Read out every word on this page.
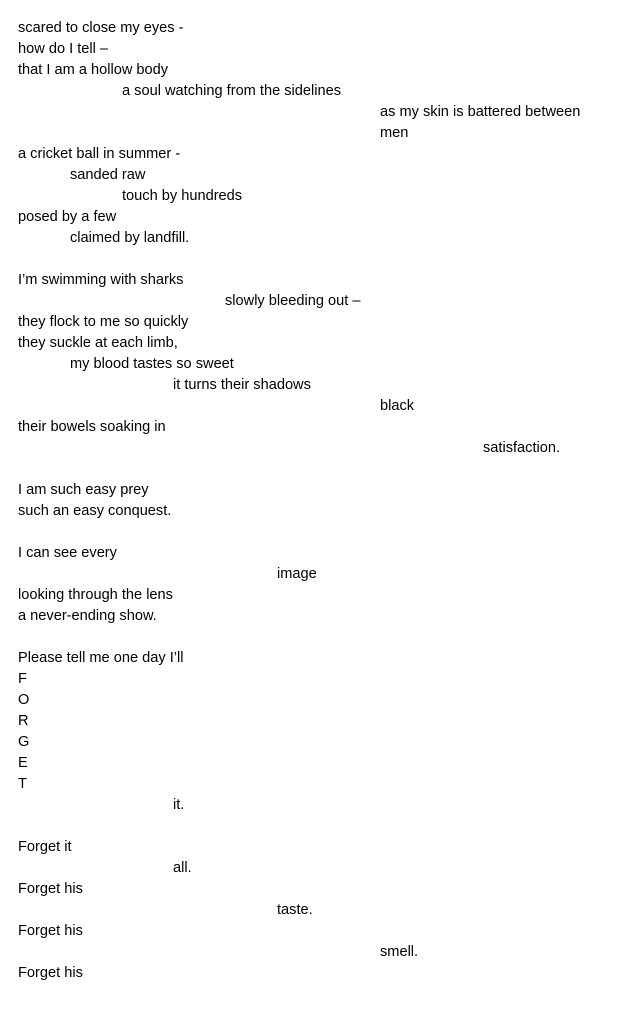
scared to close my eyes -

how do I tell –

that I am a hollow body

a soul watching from the sidelines

as my skin is battered between

men

a cricket ball in summer -

sanded raw

touch by hundreds

posed by a few

claimed by landfill.

I’m swimming with sharks

slowly bleeding out –

they flock to me so quickly

they suckle at each limb,

my blood tastes so sweet

it turns their shadows

black

their bowels soaking in

satisfaction.

I am such easy prey

such an easy conquest.

I can see every

image

looking through the lens

a never-ending show.

Please tell me one day I’ll

F

O

R

G

E

T

it.

Forget it

all.

Forget his

taste.

Forget his

smell.

Forget his
